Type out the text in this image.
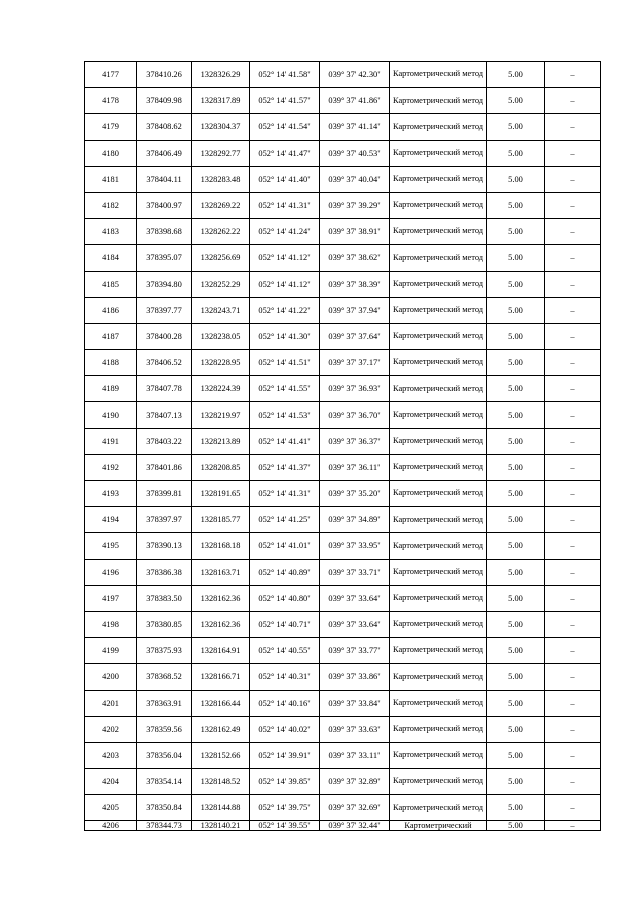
4177	378410.26	1328326.29	052° 14' 41.58"	039° 37' 42.30"	Картометрический метод	5.00	–
4178	378409.98	1328317.89	052° 14' 41.57"	039° 37' 41.86"	Картометрический метод	5.00	–
4179	378408.62	1328304.37	052° 14' 41.54"	039° 37' 41.14"	Картометрический метод	5.00	–
4180	378406.49	1328292.77	052° 14' 41.47"	039° 37' 40.53"	Картометрический метод	5.00	–
4181	378404.11	1328283.48	052° 14' 41.40"	039° 37' 40.04"	Картометрический метод	5.00	–
4182	378400.97	1328269.22	052° 14' 41.31"	039° 37' 39.29"	Картометрический метод	5.00	–
4183	378398.68	1328262.22	052° 14' 41.24"	039° 37' 38.91"	Картометрический метод	5.00	–
4184	378395.07	1328256.69	052° 14' 41.12"	039° 37' 38.62"	Картометрический метод	5.00	–
4185	378394.80	1328252.29	052° 14' 41.12"	039° 37' 38.39"	Картометрический метод	5.00	–
4186	378397.77	1328243.71	052° 14' 41.22"	039° 37' 37.94"	Картометрический метод	5.00	–
4187	378400.28	1328238.05	052° 14' 41.30"	039° 37' 37.64"	Картометрический метод	5.00	–
4188	378406.52	1328228.95	052° 14' 41.51"	039° 37' 37.17"	Картометрический метод	5.00	–
4189	378407.78	1328224.39	052° 14' 41.55"	039° 37' 36.93"	Картометрический метод	5.00	–
4190	378407.13	1328219.97	052° 14' 41.53"	039° 37' 36.70"	Картометрический метод	5.00	–
4191	378403.22	1328213.89	052° 14' 41.41"	039° 37' 36.37"	Картометрический метод	5.00	–
4192	378401.86	1328208.85	052° 14' 41.37"	039° 37' 36.11"	Картометрический метод	5.00	–
4193	378399.81	1328191.65	052° 14' 41.31"	039° 37' 35.20"	Картометрический метод	5.00	–
4194	378397.97	1328185.77	052° 14' 41.25"	039° 37' 34.89"	Картометрический метод	5.00	–
4195	378390.13	1328168.18	052° 14' 41.01"	039° 37' 33.95"	Картометрический метод	5.00	–
4196	378386.38	1328163.71	052° 14' 40.89"	039° 37' 33.71"	Картометрический метод	5.00	–
4197	378383.50	1328162.36	052° 14' 40.80"	039° 37' 33.64"	Картометрический метод	5.00	–
4198	378380.85	1328162.36	052° 14' 40.71"	039° 37' 33.64"	Картометрический метод	5.00	–
4199	378375.93	1328164.91	052° 14' 40.55"	039° 37' 33.77"	Картометрический метод	5.00	–
4200	378368.52	1328166.71	052° 14' 40.31"	039° 37' 33.86"	Картометрический метод	5.00	–
4201	378363.91	1328166.44	052° 14' 40.16"	039° 37' 33.84"	Картометрический метод	5.00	–
4202	378359.56	1328162.49	052° 14' 40.02"	039° 37' 33.63"	Картометрический метод	5.00	–
4203	378356.04	1328152.66	052° 14' 39.91"	039° 37' 33.11"	Картометрический метод	5.00	–
4204	378354.14	1328148.52	052° 14' 39.85"	039° 37' 32.89"	Картометрический метод	5.00	–
4205	378350.84	1328144.88	052° 14' 39.75"	039° 37' 32.69"	Картометрический метод	5.00	–
4206	378344.73	1328140.21	052° 14' 39.55"	039° 37' 32.44"	Картометрический	5.00	–
